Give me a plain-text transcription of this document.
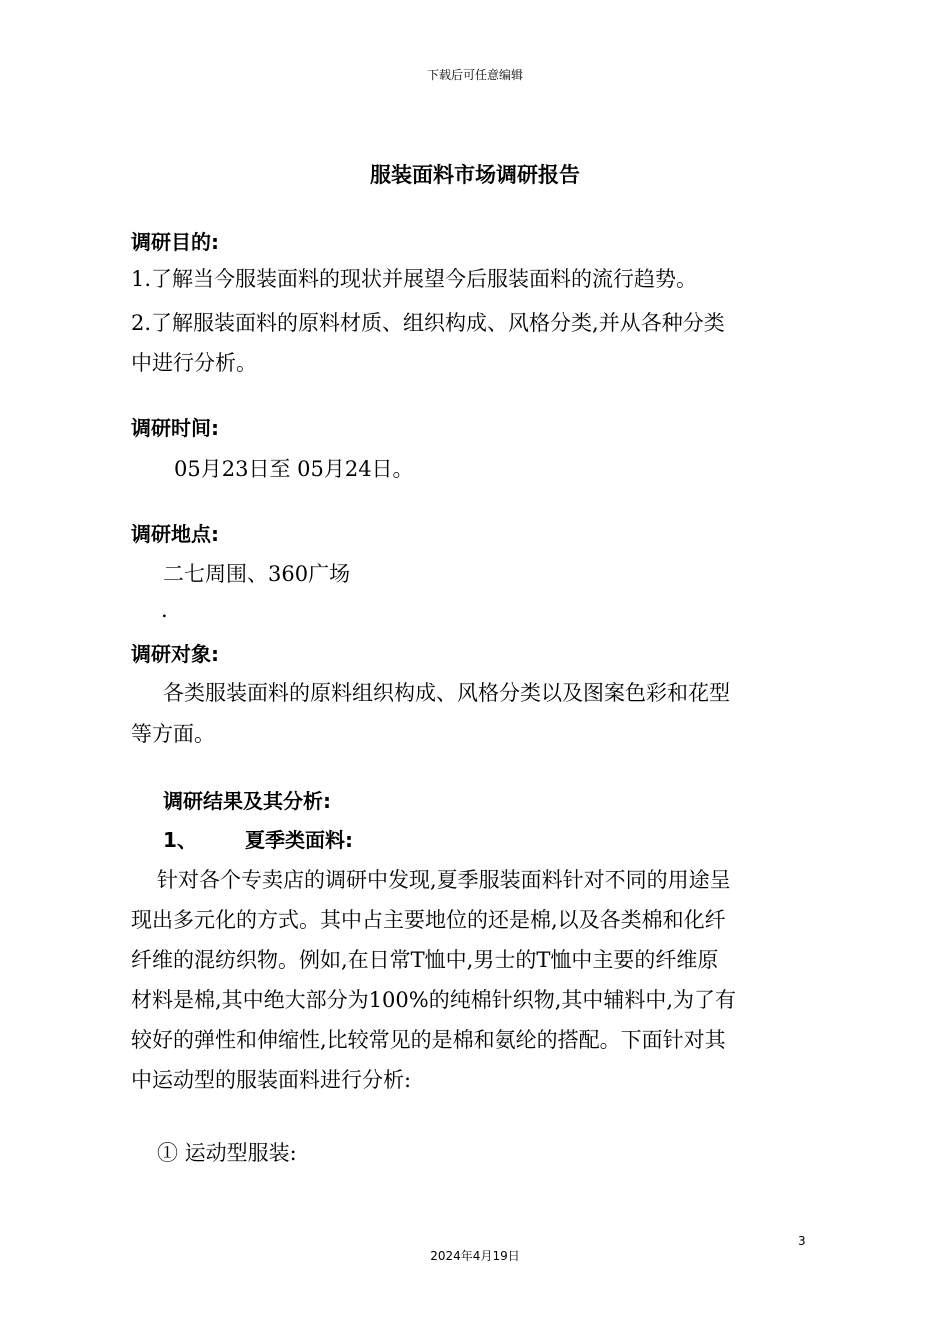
下载后可任意编辑
服装面料市场调研报告
调研目的:
1.了解当今服装面料的现状并展望今后服装面料的流行趋势。
2.了解服装面料的原料材质、组织构成、风格分类,并从各种分类
中进行分析。
调研时间:
05月23日至 05月24日。
调研地点:
二七周围、360广场
.
调研对象:
各类服装面料的原料组织构成、风格分类以及图案色彩和花型
等方面。
调研结果及其分析:
1、 夏季类面料:
针对各个专卖店的调研中发现,夏季服装面料针对不同的用途呈
现出多元化的方式。其中占主要地位的还是棉,以及各类棉和化纤
纤维的混纺织物。例如,在日常T恤中,男士的T恤中主要的纤维原
材料是棉,其中绝大部分为100%的纯棉针织物,其中辅料中,为了有
较好的弹性和伸缩性,比较常见的是棉和氨纶的搭配。下面针对其
中运动型的服装面料进行分析:
① 运动型服装:
3
2024年4月19日
